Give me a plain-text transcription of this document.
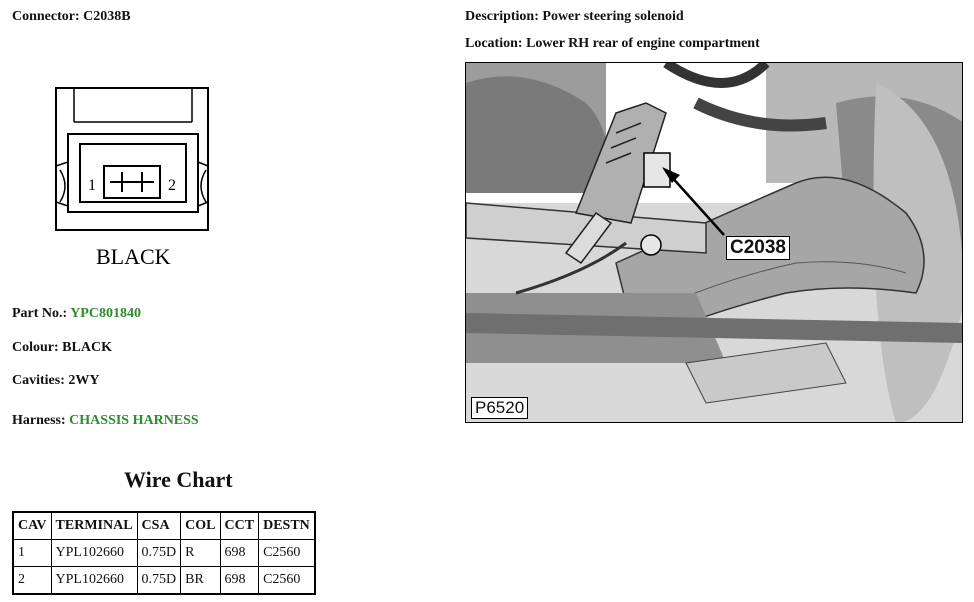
Connector: C2038B
1	2
BLACK
Description: Power steering solenoid
Location: Lower RH rear of engine compartment
C2038
P6520
Part No.: YPC801840
Colour: BLACK
Cavities: 2WY
Harness: CHASSIS HARNESS
Wire Chart
CAV	TERMINAL	CSA	COL	CCT	DESTN
1	YPL102660	0.75D	R	698	C2560
2	YPL102660	0.75D	BR	698	C2560
